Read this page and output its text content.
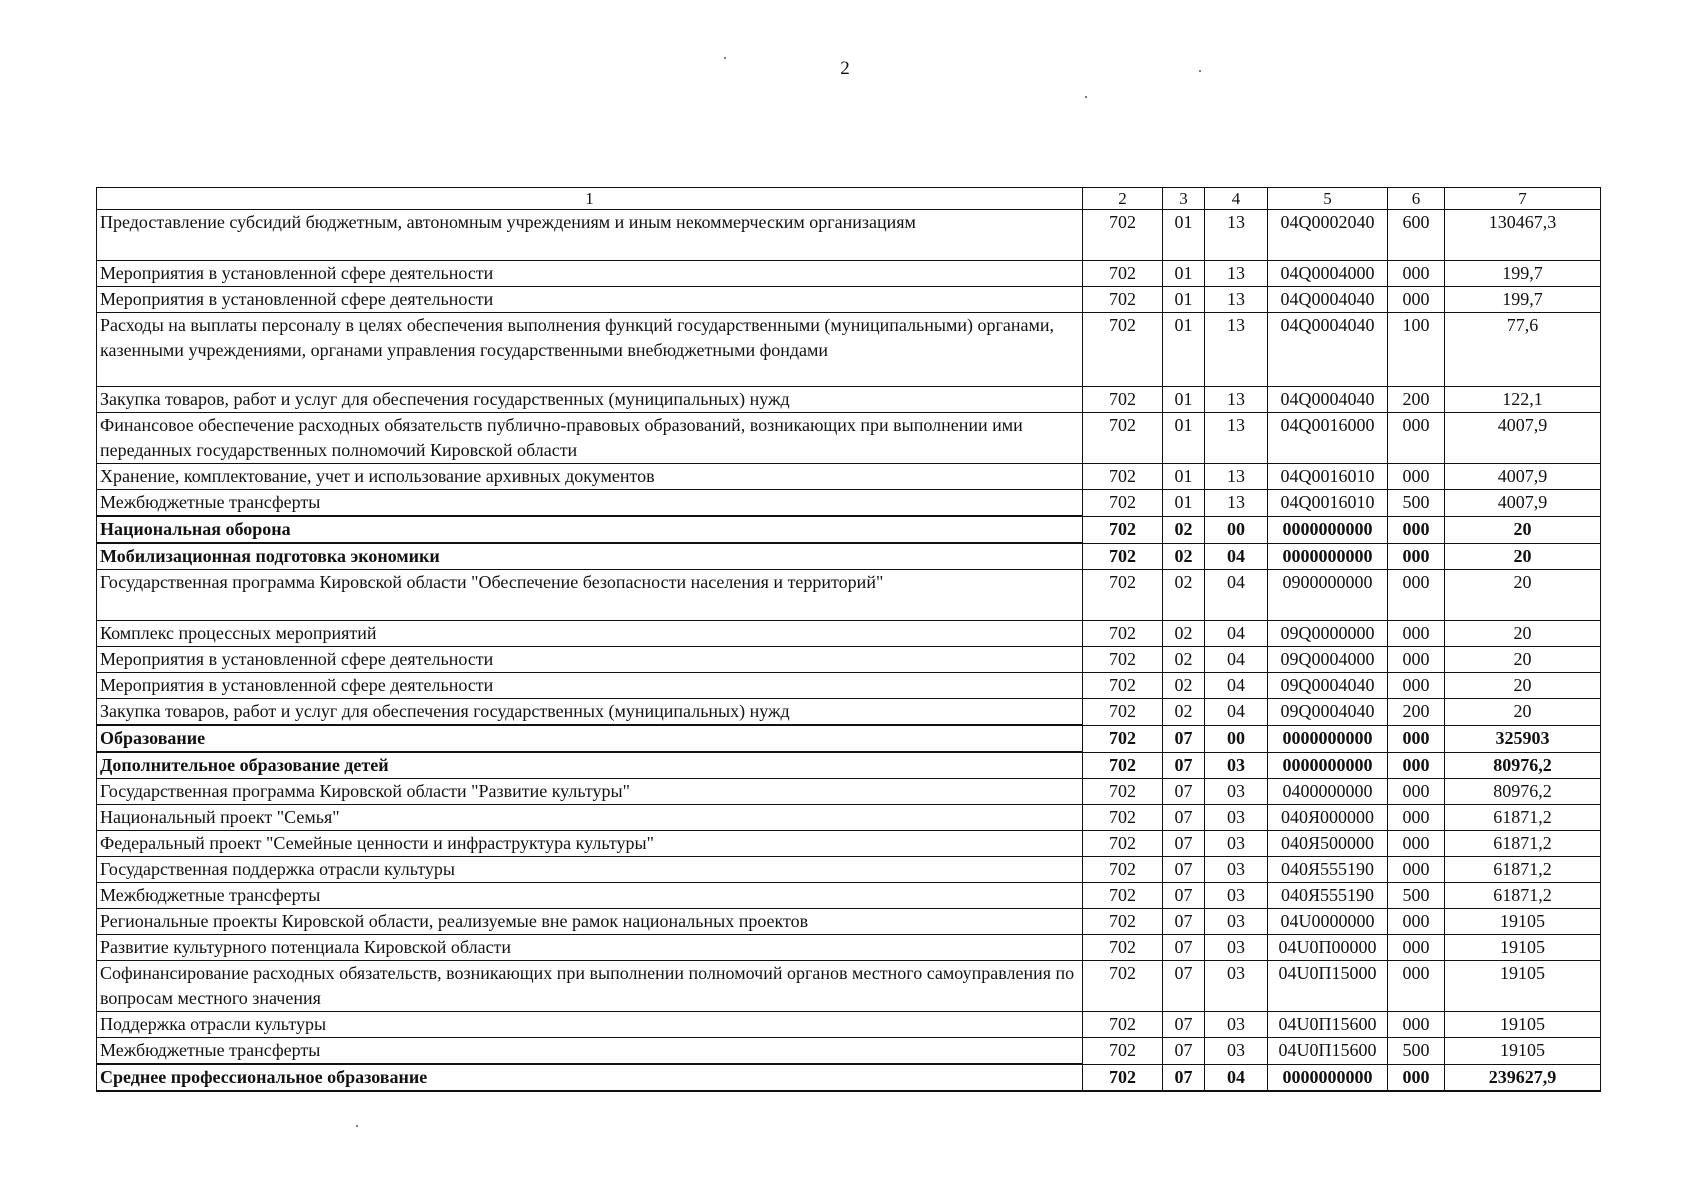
2
1	2	3	4	5	6	7
Предоставление субсидий бюджетным, автономным учреждениям и иным некоммерческим организациям	702	01	13	04Q0002040	600	130467,3
Мероприятия в установленной сфере деятельности	702	01	13	04Q0004000	000	199,7
Мероприятия в установленной сфере деятельности	702	01	13	04Q0004040	000	199,7
Расходы на выплаты персоналу в целях обеспечения выполнения функций государственными (муниципальными) органами, казенными учреждениями, органами управления государственными внебюджетными фондами	702	01	13	04Q0004040	100	77,6
Закупка товаров, работ и услуг для обеспечения государственных (муниципальных) нужд	702	01	13	04Q0004040	200	122,1
Финансовое обеспечение расходных обязательств публично-правовых образований, возникающих при выполнении ими переданных государственных полномочий Кировской области	702	01	13	04Q0016000	000	4007,9
Хранение, комплектование, учет и использование архивных документов	702	01	13	04Q0016010	000	4007,9
Межбюджетные трансферты	702	01	13	04Q0016010	500	4007,9
Национальная оборона	702	02	00	0000000000	000	20
Мобилизационная подготовка экономики	702	02	04	0000000000	000	20
Государственная программа Кировской области "Обеспечение безопасности населения и территорий"	702	02	04	0900000000	000	20
Комплекс процессных мероприятий	702	02	04	09Q0000000	000	20
Мероприятия в установленной сфере деятельности	702	02	04	09Q0004000	000	20
Мероприятия в установленной сфере деятельности	702	02	04	09Q0004040	000	20
Закупка товаров, работ и услуг для обеспечения государственных (муниципальных) нужд	702	02	04	09Q0004040	200	20
Образование	702	07	00	0000000000	000	325903
Дополнительное образование детей	702	07	03	0000000000	000	80976,2
Государственная программа Кировской области "Развитие культуры"	702	07	03	0400000000	000	80976,2
Национальный проект "Семья"	702	07	03	040Я000000	000	61871,2
Федеральный проект "Семейные ценности и инфраструктура культуры"	702	07	03	040Я500000	000	61871,2
Государственная поддержка отрасли культуры	702	07	03	040Я555190	000	61871,2
Межбюджетные трансферты	702	07	03	040Я555190	500	61871,2
Региональные проекты Кировской области, реализуемые вне рамок национальных проектов	702	07	03	04U0000000	000	19105
Развитие культурного потенциала Кировской области	702	07	03	04U0П00000	000	19105
Софинансирование расходных обязательств, возникающих при выполнении полномочий органов местного самоуправления по вопросам местного значения	702	07	03	04U0П15000	000	19105
Поддержка отрасли культуры	702	07	03	04U0П15600	000	19105
Межбюджетные трансферты	702	07	03	04U0П15600	500	19105
Среднее профессиональное образование	702	07	04	0000000000	000	239627,9
